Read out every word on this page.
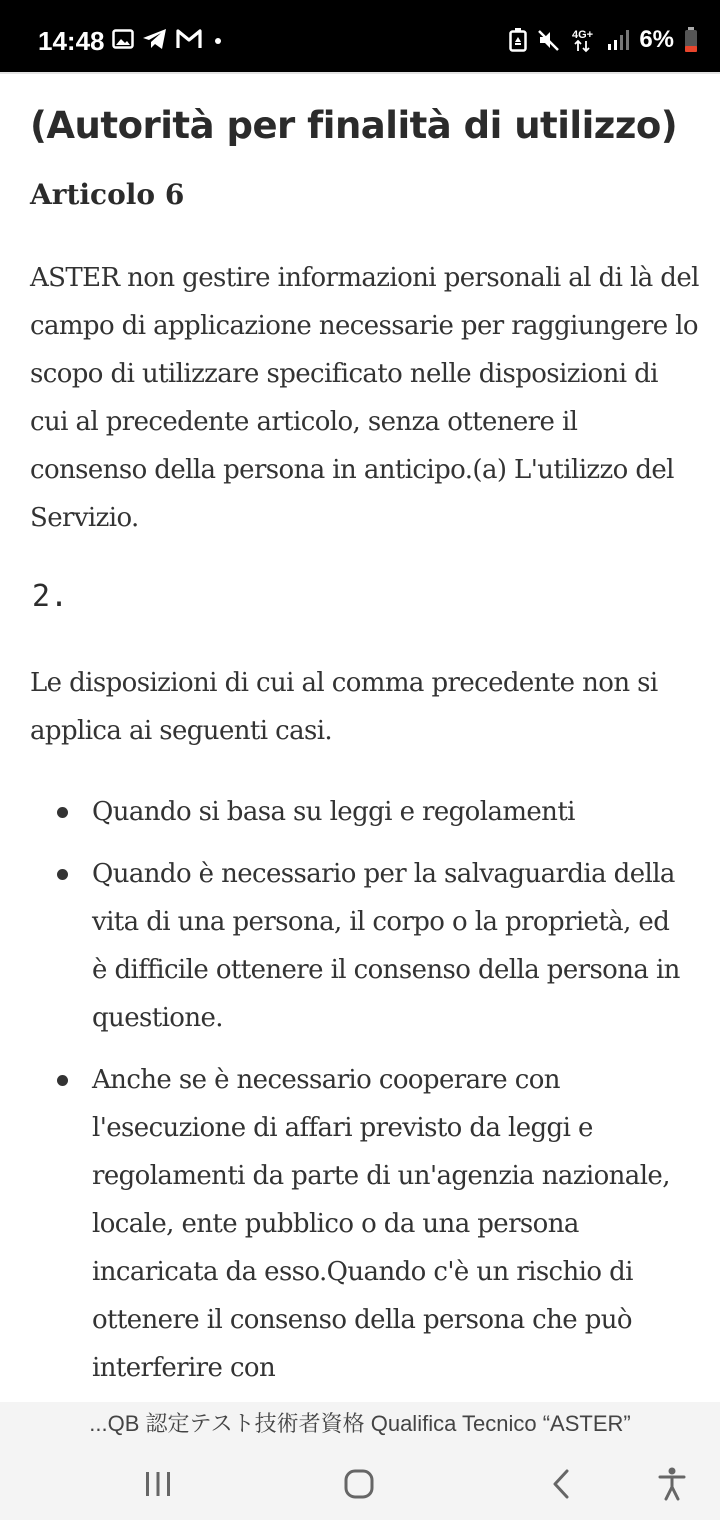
14:48	4G+ 6%
(Autorità per finalità di utilizzo)
Articolo 6

ASTER non gestire informazioni personali al di là del campo di applicazione necessarie per raggiungere lo scopo di utilizzare specificato nelle disposizioni di cui al precedente articolo, senza ottenere il consenso della persona in anticipo.(a) L'utilizzo del Servizio.

2.

Le disposizioni di cui al comma precedente non si applica ai seguenti casi.

Quando si basa su leggi e regolamenti
Quando è necessario per la salvaguardia della vita di una persona, il corpo o la proprietà, ed è difficile ottenere il consenso della persona in questione.
Anche se è necessario cooperare con l'esecuzione di affari previsto da leggi e regolamenti da parte di un'agenzia nazionale, locale, ente pubblico o da una persona incaricata da esso.Quando c'è un rischio di ottenere il consenso della persona che può interferire con
...QB 認定テスト技術者資格 Qualifica Tecnico “ASTER”
